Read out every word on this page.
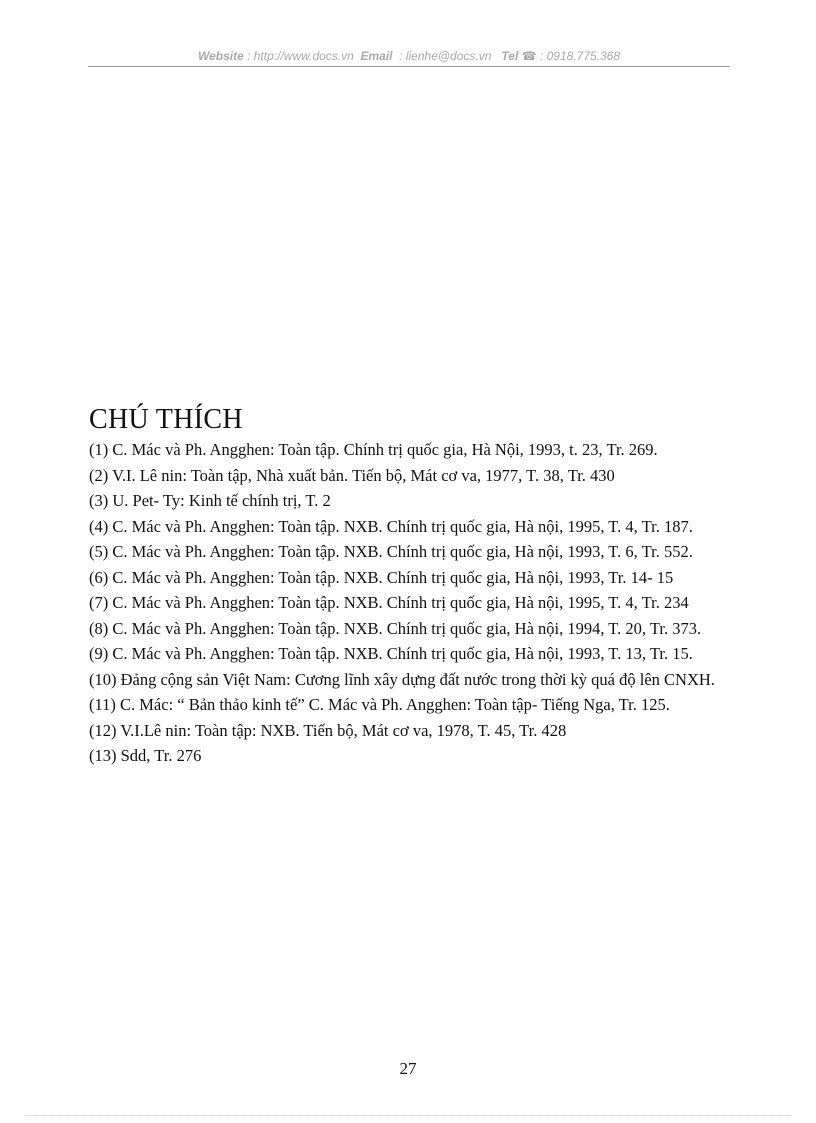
Website : http://www.docs.vn Email : lienhe@docs.vn Tel ☎ : 0918.775.368
CHÚ THÍCH
(1) C. Mác và Ph. Angghen: Toàn tập. Chính trị quốc gia, Hà Nội, 1993, t. 23, Tr. 269.
(2) V.I. Lê nin: Toàn tập, Nhà xuất bản. Tiến bộ, Mát cơ va, 1977, T. 38, Tr. 430
(3) U. Pet- Ty: Kinh tế chính trị, T. 2
(4) C. Mác và Ph. Angghen: Toàn tập. NXB. Chính trị quốc gia, Hà nội, 1995, T. 4, Tr. 187.
(5) C. Mác và Ph. Angghen: Toàn tập. NXB. Chính trị quốc gia, Hà nội, 1993, T. 6, Tr. 552.
(6) C. Mác và Ph. Angghen: Toàn tập. NXB. Chính trị quốc gia, Hà nội, 1993, Tr. 14- 15
(7) C. Mác và Ph. Angghen: Toàn tập. NXB. Chính trị quốc gia, Hà nội, 1995, T. 4, Tr. 234
(8) C. Mác và Ph. Angghen: Toàn tập. NXB. Chính trị quốc gia, Hà nội, 1994, T. 20, Tr. 373.
(9) C. Mác và Ph. Angghen: Toàn tập. NXB. Chính trị quốc gia, Hà nội, 1993, T. 13, Tr. 15.
(10) Đảng cộng sản Việt Nam: Cương lĩnh xây dựng đất nước trong thời kỳ quá độ lên CNXH.
(11) C. Mác: “ Bản thảo kinh tế” C. Mác và Ph. Angghen: Toàn tập- Tiếng Nga, Tr. 125.
(12) V.I.Lê nin: Toàn tập: NXB. Tiến bộ, Mát cơ va, 1978, T. 45, Tr. 428
(13) Sdd, Tr. 276
27
